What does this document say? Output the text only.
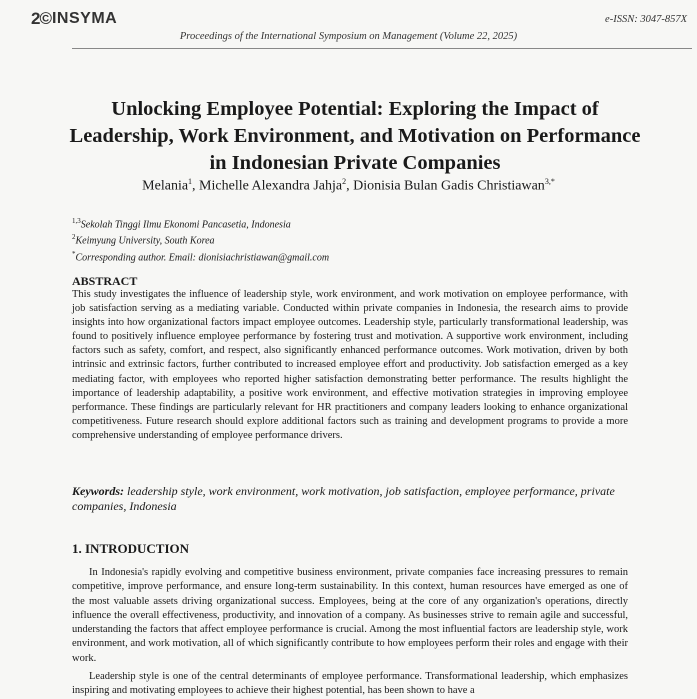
2© INSYMA	e-ISSN: 3047-857X
Proceedings of the International Symposium on Management (Volume 22, 2025)
Unlocking Employee Potential: Exploring the Impact of Leadership, Work Environment, and Motivation on Performance in Indonesian Private Companies
Melania$^1$, Michelle Alexandra Jahja$^2$, Dionisia Bulan Gadis Christiawan$^{3,*}$
$^{1,3}$Sekolah Tinggi Ilmu Ekonomi Pancasetia, Indonesia
$^2$Keimyung University, South Korea
*Corresponding author. Email: dionisiachristiawan@gmail.com
ABSTRACT

This study investigates the influence of leadership style, work environment, and work motivation on employee performance, with job satisfaction serving as a mediating variable. Conducted within private companies in Indonesia, the research aims to provide insights into how organizational factors impact employee outcomes. Leadership style, particularly transformational leadership, was found to positively influence employee performance by fostering trust and motivation. A supportive work environment, including factors such as safety, comfort, and respect, also significantly enhanced performance outcomes. Work motivation, driven by both intrinsic and extrinsic factors, further contributed to increased employee effort and productivity. Job satisfaction emerged as a key mediating factor, with employees who reported higher satisfaction demonstrating better performance. The results highlight the importance of leadership adaptability, a positive work environment, and effective motivation strategies in improving employee performance. These findings are particularly relevant for HR practitioners and company leaders looking to enhance organizational competitiveness. Future research should explore additional factors such as training and development programs to provide a more comprehensive understanding of employee performance drivers.

Keywords: leadership style, work environment, work motivation, job satisfaction, employee performance, private companies, Indonesia
1. INTRODUCTION

In Indonesia's rapidly evolving and competitive business environment, private companies face increasing pressures to remain competitive, improve performance, and ensure long-term sustainability. In this context, human resources have emerged as one of the most valuable assets driving organizational success. Employees, being at the core of any organization's operations, directly influence the overall effectiveness, productivity, and innovation of a company. As businesses strive to remain agile and successful, understanding the factors that affect employee performance is crucial. Among the most influential factors are leadership style, work environment, and work motivation, all of which significantly contribute to how employees perform their roles and engage with their work.

Leadership style is one of the central determinants of employee performance. Transformational leadership, which emphasizes inspiring and motivating employees to achieve their highest potential, has been shown to have a
